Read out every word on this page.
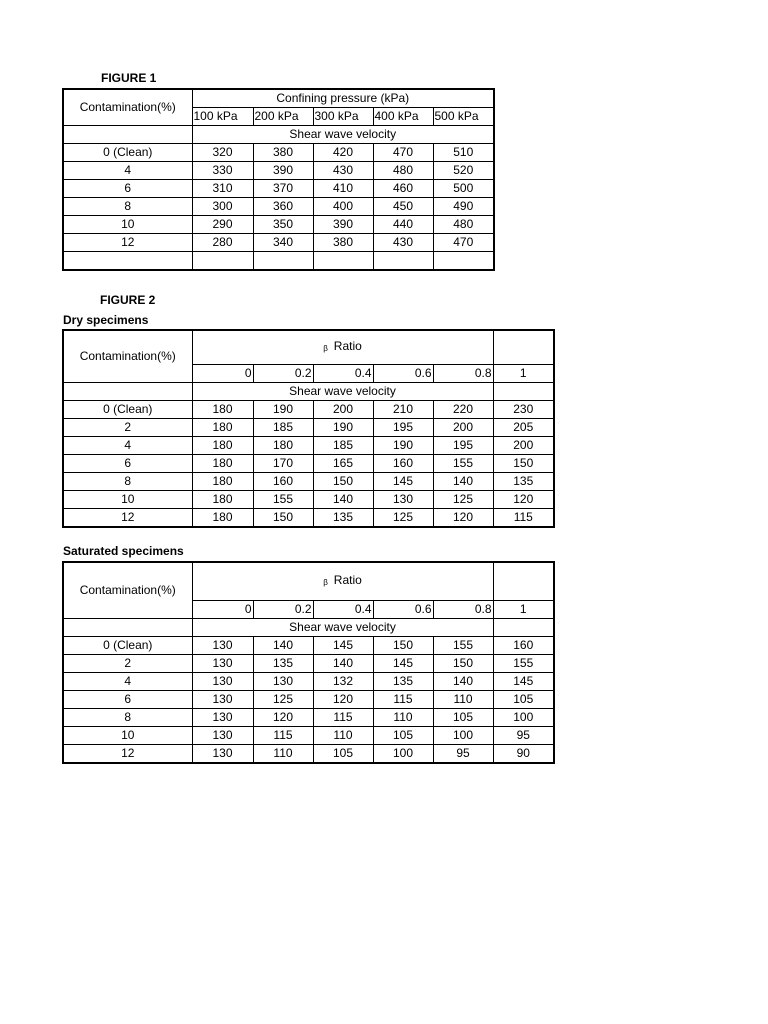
FIGURE 1
Contamination(%)	Confining pressure (kPa)				
	100 kPa	200 kPa	300 kPa	400 kPa	500 kPa
	Shear wave velocity				
0 (Clean)	320	380	420	470	510
4	330	390	430	480	520
6	310	370	410	460	500
8	300	360	400	450	490
10	290	350	390	440	480
12	280	340	380	430	470

FIGURE 2
Dry specimens
Contamination(%)	β Ratio					
	0	0.2	0.4	0.6	0.8	1
	Shear wave velocity					
0 (Clean)	180	190	200	210	220	230
2	180	185	190	195	200	205
4	180	180	185	190	195	200
6	180	170	165	160	155	150
8	180	160	150	145	140	135
10	180	155	140	130	125	120
12	180	150	135	125	120	115
Saturated specimens
Contamination(%)	β Ratio					
	0	0.2	0.4	0.6	0.8	1
	Shear wave velocity					
0 (Clean)	130	140	145	150	155	160
2	130	135	140	145	150	155
4	130	130	132	135	140	145
6	130	125	120	115	110	105
8	130	120	115	110	105	100
10	130	115	110	105	100	95
12	130	110	105	100	95	90
